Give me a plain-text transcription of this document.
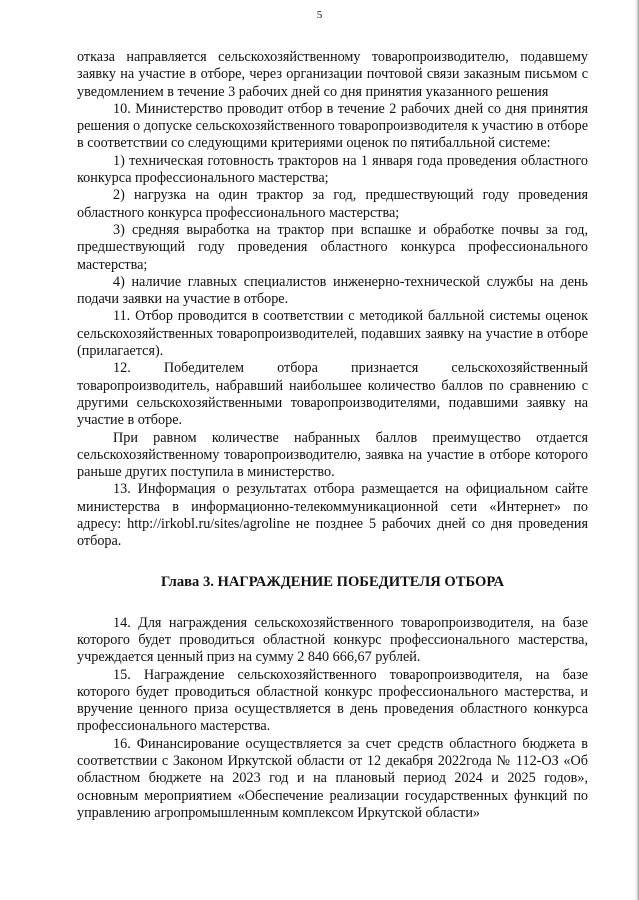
5

отказа направляется сельскохозяйственному товаропроизводителю, подавшему заявку на участие в отборе, через организации почтовой связи заказным письмом с уведомлением в течение 3 рабочих дней со дня принятия указанного решения

10. Министерство проводит отбор в течение 2 рабочих дней со дня принятия решения о допуске сельскохозяйственного товаропроизводителя к участию в отборе в соответствии со следующими критериями оценок по пятибалльной системе:

1) техническая готовность тракторов на 1 января года проведения областного конкурса профессионального мастерства;

2) нагрузка на один трактор за год, предшествующий году проведения областного конкурса профессионального мастерства;

3) средняя выработка на трактор при вспашке и обработке почвы за год, предшествующий году проведения областного конкурса профессионального мастерства;

4) наличие главных специалистов инженерно-технической службы на день подачи заявки на участие в отборе.

11. Отбор проводится в соответствии с методикой балльной системы оценок сельскохозяйственных товаропроизводителей, подавших заявку на участие в отборе (прилагается).

12. Победителем отбора признается сельскохозяйственный товаропроизводитель, набравший наибольшее количество баллов по сравнению с другими сельскохозяйственными товаропроизводителями, подавшими заявку на участие в отборе.

При равном количестве набранных баллов преимущество отдается сельскохозяйственному товаропроизводителю, заявка на участие в отборе которого раньше других поступила в министерство.

13. Информация о результатах отбора размещается на официальном сайте министерства в информационно-телекоммуникационной сети «Интернет» по адресу: http://irkobl.ru/sites/agroline не позднее 5 рабочих дней со дня проведения отбора.

Глава 3. НАГРАЖДЕНИЕ ПОБЕДИТЕЛЯ ОТБОРА

14. Для награждения сельскохозяйственного товаропроизводителя, на базе которого будет проводиться областной конкурс профессионального мастерства, учреждается ценный приз на сумму 2 840 666,67 рублей.

15. Награждение сельскохозяйственного товаропроизводителя, на базе которого будет проводиться областной конкурс профессионального мастерства, и вручение ценного приза осуществляется в день проведения областного конкурса профессионального мастерства.

16. Финансирование осуществляется за счет средств областного бюджета в соответствии с Законом Иркутской области от 12 декабря 2022года № 112-ОЗ «Об областном бюджете на 2023 год и на плановый период 2024 и 2025 годов», основным мероприятием «Обеспечение реализации государственных функций по управлению агропромышленным комплексом Иркутской области»
